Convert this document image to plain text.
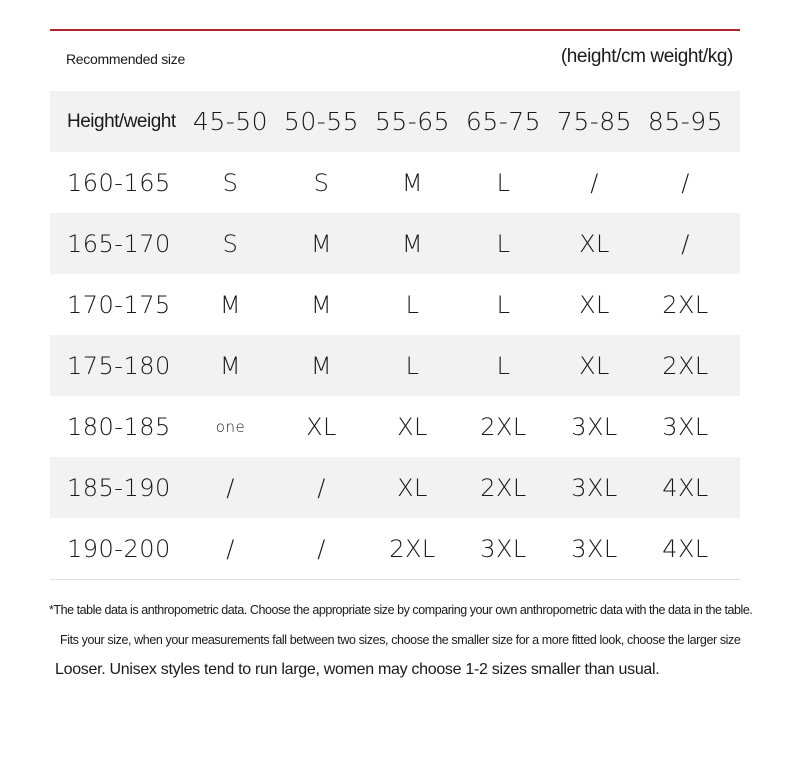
Recommended size	(height/cm weight/kg)
Height/weight 45-50 50-55 55-65 65-75 75-85 85-95
160-165	S	S	M	L	/	/
165-170	S	M	M	L	XL	/
170-175	M	M	L	L	XL	2XL
175-180	M	M	L	L	XL	2XL
180-185	one	XL	XL	2XL	3XL	3XL
185-190	/	/	XL	2XL	3XL	4XL
190-200	/	/	2XL	3XL	3XL	4XL
*The table data is anthropometric data. Choose the appropriate size by comparing your own anthropometric data with the data in the table.
Fits your size, when your measurements fall between two sizes, choose the smaller size for a more fitted look, choose the larger size
Looser. Unisex styles tend to run large, women may choose 1-2 sizes smaller than usual.
